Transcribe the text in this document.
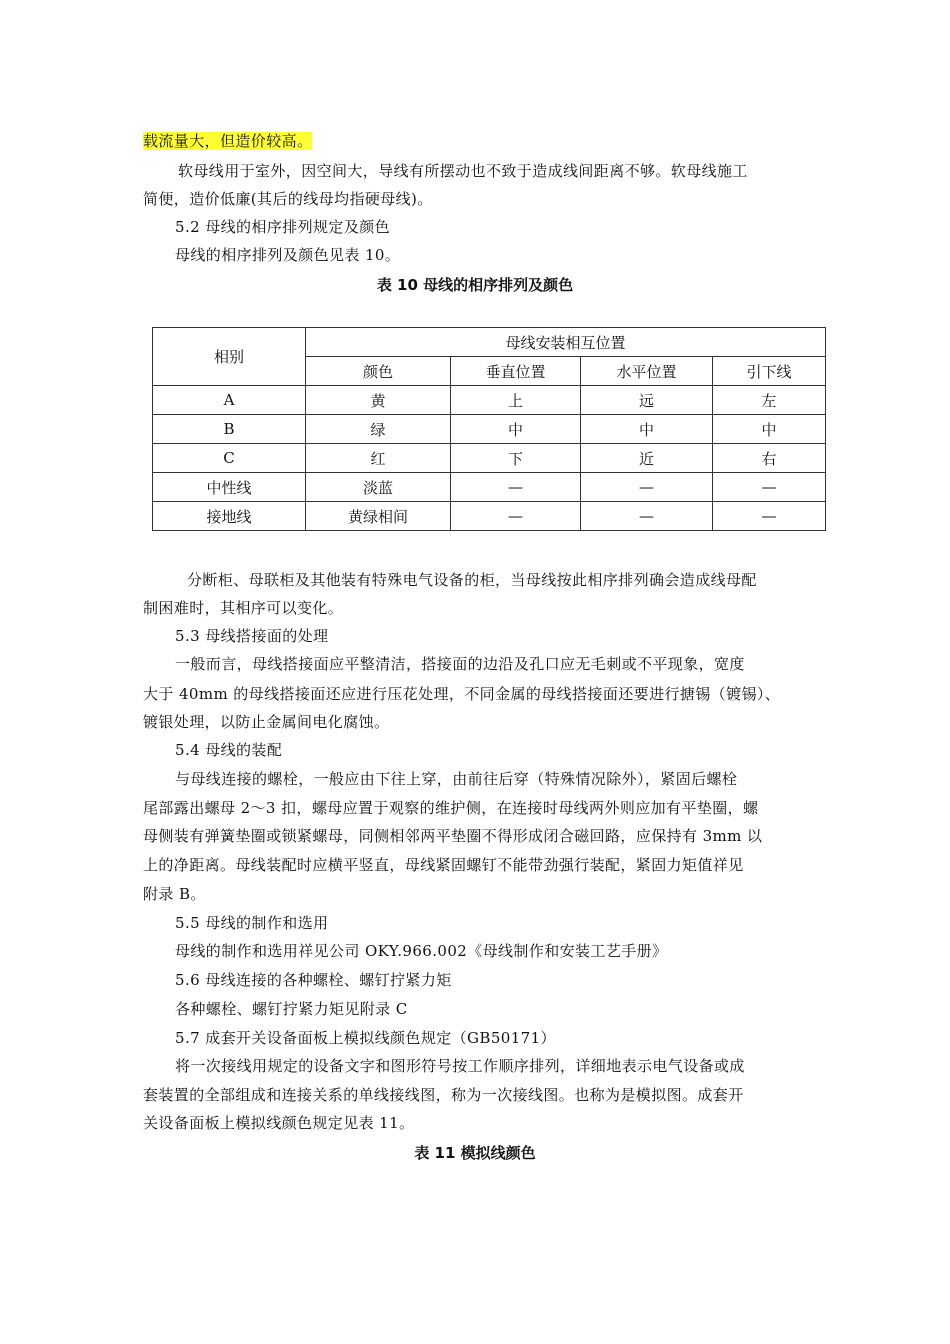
载流量大，但造价较高。
软母线用于室外，因空间大，导线有所摆动也不致于造成线间距离不够。软母线施工
简便，造价低廉(其后的线母均指硬母线)。
5.2 母线的相序排列规定及颜色
母线的相序排列及颜色见表 10。
表 10 母线的相序排列及颜色
相别	母线安装相互位置			
	颜色	垂直位置	水平位置	引下线
A	黄	上	远	左
B	绿	中	中	中
C	红	下	近	右
中性线	淡蓝	—	—	—
接地线	黄绿相间	—	—	—
分断柜、母联柜及其他装有特殊电气设备的柜，当母线按此相序排列确会造成线母配
制困难时，其相序可以变化。
5.3 母线搭接面的处理
一般而言，母线搭接面应平整清洁，搭接面的边沿及孔口应无毛刺或不平现象，宽度
大于 40mm 的母线搭接面还应进行压花处理，不同金属的母线搭接面还要进行搪锡（镀锡）、
镀银处理，以防止金属间电化腐蚀。
5.4 母线的装配
与母线连接的螺栓，一般应由下往上穿，由前往后穿（特殊情况除外），紧固后螺栓
尾部露出螺母 2～3 扣，螺母应置于观察的维护侧，在连接时母线两外则应加有平垫圈，螺
母侧装有弹簧垫圈或锁紧螺母，同侧相邻两平垫圈不得形成闭合磁回路，应保持有 3mm 以
上的净距离。母线装配时应横平竖直，母线紧固螺钉不能带劲强行装配，紧固力矩值祥见
附录 B。
5.5 母线的制作和选用
母线的制作和选用祥见公司 OKY.966.002《母线制作和安装工艺手册》
5.6 母线连接的各种螺栓、螺钉拧紧力矩
各种螺栓、螺钉拧紧力矩见附录 C
5.7 成套开关设备面板上模拟线颜色规定（GB50171）
将一次接线用规定的设备文字和图形符号按工作顺序排列，详细地表示电气设备或成
套装置的全部组成和连接关系的单线接线图，称为一次接线图。也称为是模拟图。成套开
关设备面板上模拟线颜色规定见表 11。
表 11 模拟线颜色
